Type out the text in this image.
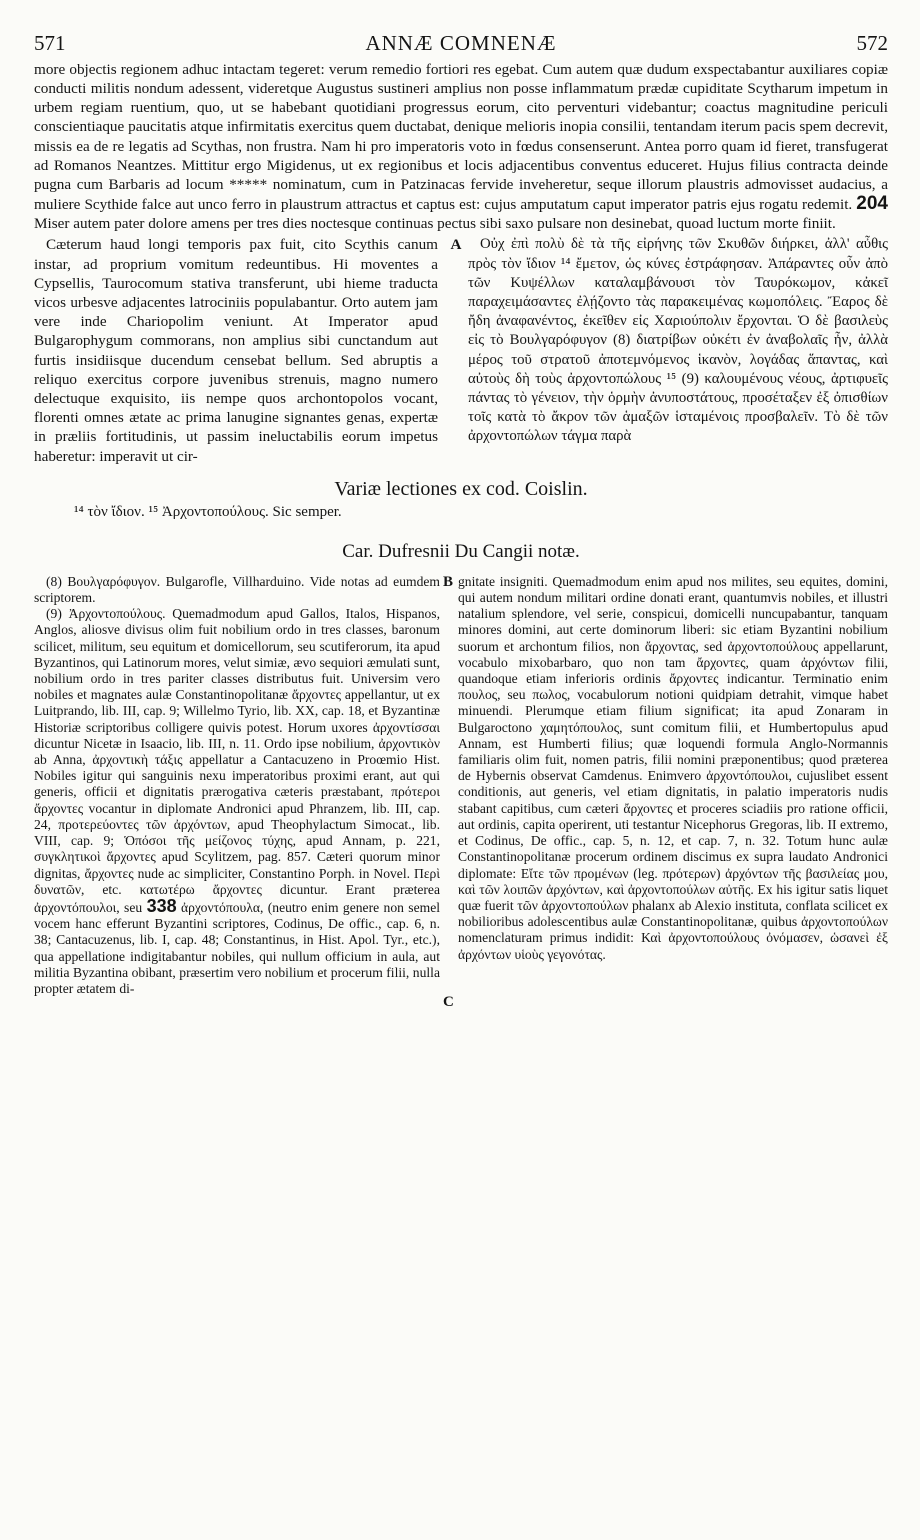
571	ANNÆ COMNENÆ	572

more objectis regionem adhuc intactam tegeret: verum remedio fortiori res egebat. Cum autem quæ dudum exspectabantur auxiliares copiæ conducti militis nondum adessent, videretque Augustus sustineri amplius non posse inflammatum prædæ cupiditate Scytharum impetum in urbem regiam ruentium, quo, ut se habebant quotidiani progressus eorum, cito perventuri videbantur; coactus magnitudine periculi conscientiaque paucitatis atque infirmitatis exercitus quem ductabat, denique melioris inopia consilii, tentandam iterum pacis spem decrevit, missis ea de re legatis ad Scythas, non frustra. Nam hi pro imperatoris voto in fœdus consenserunt. Antea porro quam id fieret, transfugerat ad Romanos Neantzes. Mittitur ergo Migidenus, ut ex regionibus et locis adjacentibus conventus educeret. Hujus filius contracta deinde pugna cum Barbaris ad locum ***** nominatum, cum in Patzinacas fervide inveheretur, seque illorum plaustris admovisset audacius, a muliere Scythide falce aut unco ferro in plaustrum attractus et captus est: cujus amputatum caput imperator patris ejus rogatu redemit. 204 Miser autem pater dolore amens per tres dies noctesque continuas pectus sibi saxo pulsare non desinebat, quoad luctum morte finiit.

Cæterum haud longi temporis pax fuit, cito Scythis canum instar, ad proprium vomitum redeuntibus. Hi moventes a Cypsellis, Taurocomum stativa transferunt, ubi hieme traducta vicos urbesve adjacentes latrociniis populabantur. Orto autem jam vere inde Chariopolim veniunt. At Imperator apud Bulgarophygum commorans, non amplius sibi cunctandum aut furtis insidiisque ducendum censebat bellum. Sed abruptis a reliquo exercitus corpore juvenibus strenuis, magno numero delectuque exquisito, iis nempe quos archontopolos vocant, florenti omnes ætate ac prima lanugine signantes genas, expertæ in præliis fortitudinis, ut passim ineluctabilis eorum impetus haberetur: imperavit ut cir-

A	Οὐχ ἐπὶ πολὺ δὲ τὰ τῆς εἰρήνης τῶν Σκυθῶν διήρκει, ἀλλ' αὖθις πρὸς τὸν ἴδιον ¹⁴ ἔμετον, ὡς κύνες ἐστράφησαν. Ἀπάραντες οὖν ἀπὸ τῶν Κυψέλλων καταλαμβάνουσι τὸν Ταυρόκωμον, κἀκεῖ παραχειμάσαντες ἐλῄζοντο τὰς παρακειμένας κωμοπόλεις. Ἔαρος δὲ ἤδη ἀναφανέντος, ἐκεῖθεν εἰς Χαριούπολιν ἔρχονται. Ὁ δὲ βασιλεὺς εἰς τὸ Βουλγαρόφυγον (8) διατρίβων οὐκέτι ἐν ἀναβολαῖς ἦν, ἀλλὰ μέρος τοῦ στρατοῦ ἀποτεμνόμενος ἱκανὸν, λογάδας ἅπαντας, καὶ αὐτοὺς δὴ τοὺς ἀρχοντοπώλους ¹⁵ (9) καλουμένους νέους, ἀρτιφυεῖς πάντας τὸ γένειον, τὴν ὁρμὴν ἀνυποστάτους, προσέταξεν ἐξ ὀπισθίων τοῖς κατὰ τὸ ἄκρον τῶν ἁμαξῶν ἱσταμένοις προσβαλεῖν. Τὸ δὲ τῶν ἀρχοντοπώλων τάγμα παρὰ

Variæ lectiones ex cod. Coislin.
¹⁴ τὸν ἴδιον. ¹⁵ Ἀρχοντοπούλους. Sic semper.
Car. Dufresnii Du Cangii notæ.

(8) Βουλγαρόφυγον. Bulgarofle, Villharduino. Vide notas ad eumdem scriptorem.

(9) Ἀρχοντοπούλους. Quemadmodum apud Gallos, Italos, Hispanos, Anglos, aliosve divisus olim fuit nobilium ordo in tres classes, baronum scilicet, militum, seu equitum et domicellorum, seu scutiferorum, ita apud Byzantinos, qui Latinorum mores, velut simiæ, ævo sequiori æmulati sunt, nobilium ordo in tres pariter classes distributus fuit. Universim vero nobiles et magnates aulæ Constantinopolitanæ ἄρχοντες appellantur, ut ex Luitprando, lib. III, cap. 9; Willelmo Tyrio, lib. XX, cap. 18, et Byzantinæ Historiæ scriptoribus colligere quivis potest. Horum uxores ἀρχοντίσσαι dicuntur Nicetæ in Isaacio, lib. III, n. 11. Ordo ipse nobilium, ἀρχοντικὸν ab Anna, ἀρχοντικὴ τάξις appellatur a Cantacuzeno in Proœmio Hist. Nobiles igitur qui sanguinis nexu imperatoribus proximi erant, aut qui generis, officii et dignitatis prærogativa cæteris præstabant, πρότεροι ἄρχοντες vocantur in diplomate Andronici apud Phranzem, lib. III, cap. 24, προτερεύοντες τῶν ἀρχόντων, apud Theophylactum Simocat., lib. VIII, cap. 9; Ὁπόσοι τῆς μείζονος τύχης, apud Annam, p. 221, συγκλητικοὶ ἄρχοντες apud Scylitzem, pag. 857. Cæteri quorum minor dignitas, ἄρχοντες nude ac simpliciter, Constantino Porph. in Novel. Περὶ δυνατῶν, etc. κατωτέρω ἄρχοντες dicuntur. Erant præterea ἀρχοντόπουλοι, seu 338 ἀρχοντόπουλα, (neutro enim genere non semel vocem hanc efferunt Byzantini scriptores, Codinus, De offic., cap. 6, n. 38; Cantacuzenus, lib. I, cap. 48; Constantinus, in Hist. Apol. Tyr., etc.), qua appellatione indigitabantur nobiles, qui nullum officium in aula, aut militia Byzantina obibant, præsertim vero nobilium et procerum filii, nulla propter ætatem di-

B
C

gnitate insigniti. Quemadmodum enim apud nos milites, seu equites, domini, qui autem nondum militari ordine donati erant, quantumvis nobiles, et illustri natalium splendore, vel serie, conspicui, domicelli nuncupabantur, tanquam minores domini, aut certe dominorum liberi: sic etiam Byzantini nobilium suorum et archontum filios, non ἄρχοντας, sed ἀρχοντοπούλους appellarunt, vocabulo mixobarbaro, quo non tam ἄρχοντες, quam ἀρχόντων filii, quandoque etiam inferioris ordinis ἄρχοντες indicantur. Terminatio enim πουλος, seu πωλος, vocabulorum notioni quidpiam detrahit, vimque habet minuendi. Plerumque etiam filium significat; ita apud Zonaram in Bulgaroctono χαμητόπουλος, sunt comitum filii, et Humbertopulus apud Annam, est Humberti filius; quæ loquendi formula Anglo-Normannis familiaris olim fuit, nomen patris, filii nomini præponentibus; quod præterea de Hybernis observat Camdenus. Enimvero ἀρχοντόπουλοι, cujuslibet essent conditionis, aut generis, vel etiam dignitatis, in palatio imperatoris nudis stabant capitibus, cum cæteri ἄρχοντες et proceres sciadiis pro ratione officii, aut ordinis, capita operirent, uti testantur Nicephorus Gregoras, lib. II extremo, et Codinus, De offic., cap. 5, n. 12, et cap. 7, n. 32. Totum hunc aulæ Constantinopolitanæ procerum ordinem discimus ex supra laudato Andronici diplomate: Εἴτε τῶν προμένων (leg. πρότερων) ἀρχόντων τῆς βασιλείας μου, καὶ τῶν λοιπῶν ἀρχόντων, καὶ ἀρχοντοπούλων αὐτῆς. Ex his igitur satis liquet quæ fuerit τῶν ἀρχοντοπούλων phalanx ab Alexio instituta, conflata scilicet ex nobilioribus adolescentibus aulæ Constantinopolitanæ, quibus ἀρχοντοπούλων nomenclaturam primus indidit: Καὶ ἀρχοντοπούλους ὀνόμασεν, ὡσανεὶ ἐξ ἀρχόντων υἱοὺς γεγονότας.
